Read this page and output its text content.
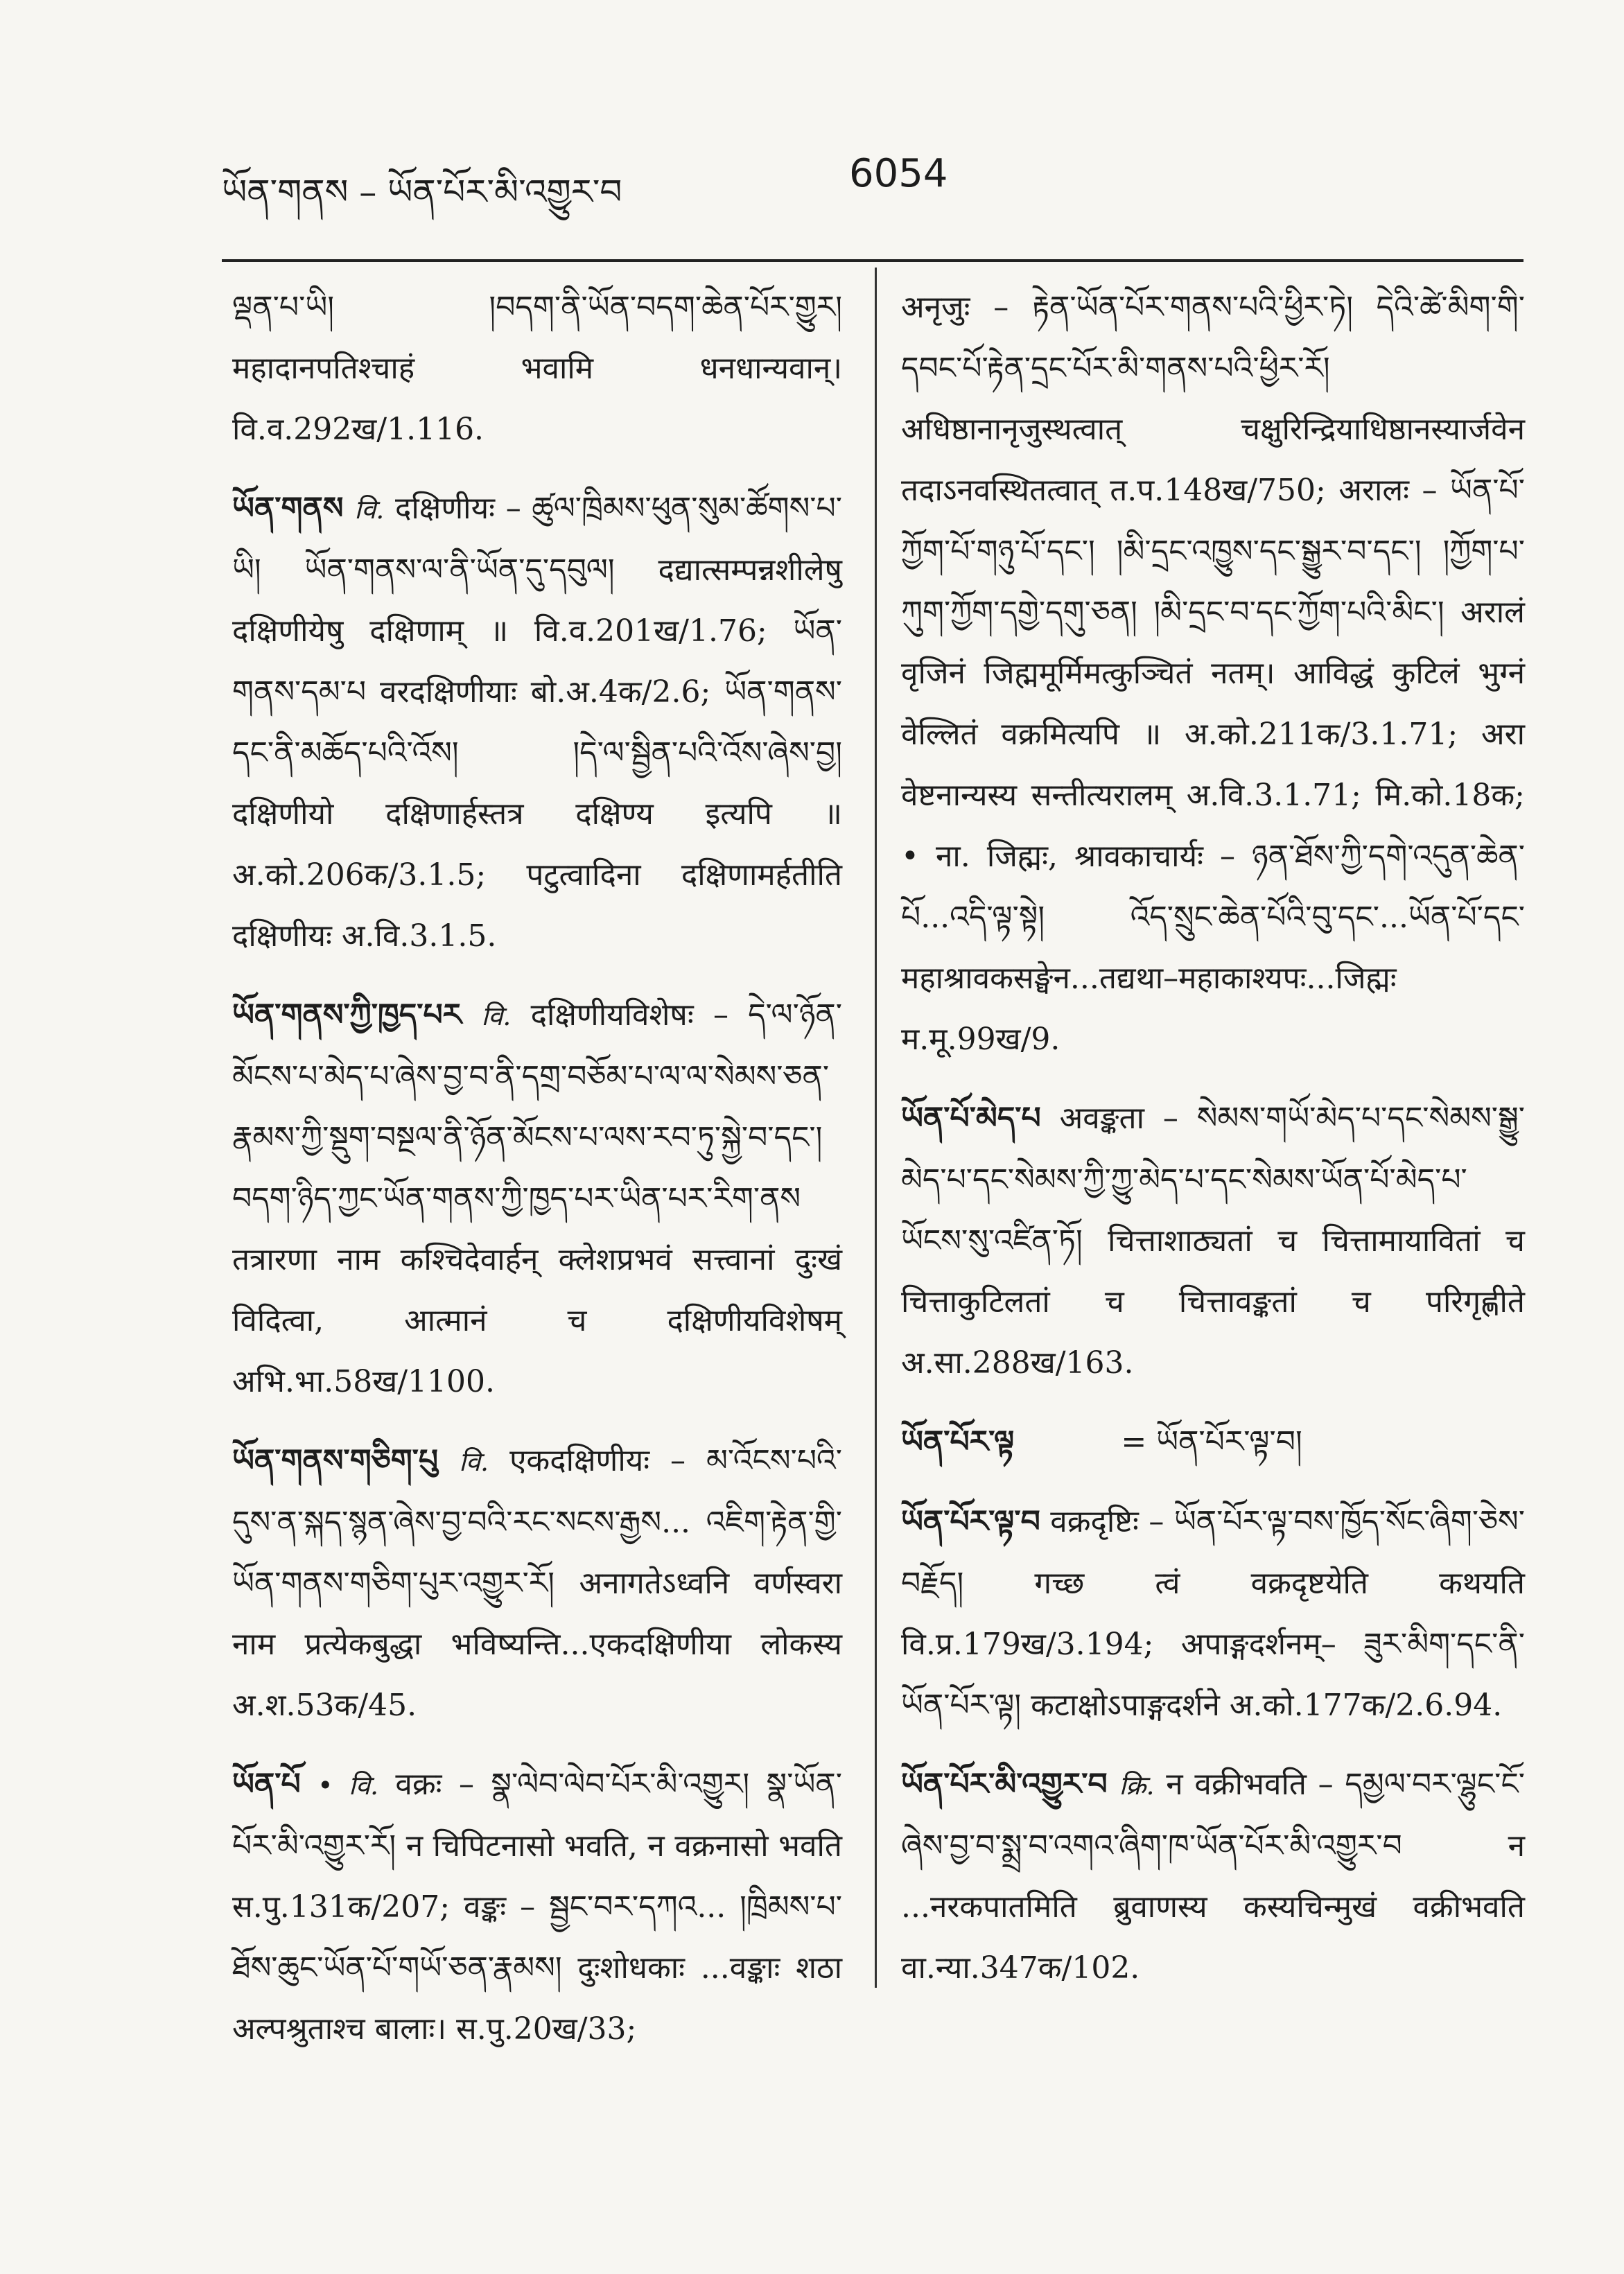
ཡོན་གནས – ཡོན་པོར་མི་འགྱུར་བ	6054

ལྡན་པ་ཡི། །བདག་ནི་ཡོན་བདག་ཆེན་པོར་གྱུར། महादानपतिश्चाहं भवामि धनधान्यवान्। वि.व.292ख/1.116.

ཡོན་གནས वि. दक्षिणीयः – ཚུལ་ཁྲིམས་ཕུན་སུམ་ཚོགས་པ་ཡི། ཡོན་གནས་ལ་ནི་ཡོན་དུ་དབུལ། दद्यात्सम्पन्नशीलेषु दक्षिणीयेषु दक्षिणाम् ॥ वि.व.201ख/1.76; ཡོན་གནས་དམ་པ वरदक्षिणीयाः बो.अ.4क/2.6; ཡོན་གནས་དང་ནི་མཆོད་པའི་འོས། །དེ་ལ་སྦྱིན་པའི་འོས་ཞེས་བྱ། दक्षिणीयो दक्षिणार्हस्तत्र दक्षिण्य इत्यपि ॥ अ.को.206क/3.1.5; पटुत्वादिना दक्षिणामर्हतीति दक्षिणीयः अ.वि.3.1.5.

ཡོན་གནས་ཀྱི་ཁྱད་པར वि. दक्षिणीयविशेषः – དེ་ལ་ཉོན་མོངས་པ་མེད་པ་ཞེས་བྱ་བ་ནི་དགྲ་བཅོམ་པ་ལ་ལ་སེམས་ཅན་རྣམས་ཀྱི་སྡུག་བསྔལ་ནི་ཉོན་མོངས་པ་ལས་རབ་ཏུ་སྐྱེ་བ་དང་། བདག་ཉིད་ཀྱང་ཡོན་གནས་ཀྱི་ཁྱད་པར་ཡིན་པར་རིག་ནས तत्रारणा नाम कश्चिदेवार्हन् क्लेशप्रभवं सत्त्वानां दुःखं विदित्वा, आत्मानं च दक्षिणीयविशेषम् अभि.भा.58ख/1100.

ཡོན་གནས་གཅིག་པུ वि. एकदक्षिणीयः – མ་འོངས་པའི་དུས་ན་སྐད་སྙན་ཞེས་བྱ་བའི་རང་སངས་རྒྱས... འཇིག་རྟེན་གྱི་ཡོན་གནས་གཅིག་པུར་འགྱུར་རོ། अनागतेऽध्वनि वर्णस्वरा नाम प्रत्येकबुद्धा भविष्यन्ति...एकदक्षिणीया लोकस्य अ.श.53क/45.

ཡོན་པོ • वि. वक्रः – སྣ་ལེབ་ལེབ་པོར་མི་འགྱུར། སྣ་ཡོན་པོར་མི་འགྱུར་རོ། न चिपिटनासो भवति, न वक्रनासो भवति स.पु.131क/207; वङ्कः – སྦྱང་བར་དཀའ... །ཁྲིམས་པ་ཐོས་ཆུང་ཡོན་པོ་གཡོ་ཅན་རྣམས། दुःशोधकाः ...वङ्काः शठा अल्पश्रुताश्च बालाः। स.पु.20ख/33;

अनृजुः – རྟེན་ཡོན་པོར་གནས་པའི་ཕྱིར་ཏེ། དེའི་ཚེ་མིག་གི་དབང་པོ་རྟེན་དྲང་པོར་མི་གནས་པའི་ཕྱིར་རོ། अधिष्ठानानृजुस्थत्वात् चक्षुरिन्द्रियाधिष्ठानस्यार्जवेन तदाऽनवस्थितत्वात् त.प.148ख/750; अरालः – ཡོན་པོ་ཀྱོག་པོ་གཉུ་པོ་དང་། །མི་དྲང་འཁྱུས་དང་སྒྱུར་བ་དང་། །ཀྱོག་པ་ཀུག་ཀྱོག་དགྱེ་དགུ་ཅན། །མི་དྲང་བ་དང་ཀྱོག་པའི་མིང་། अरालं वृजिनं जिह्ममूर्मिमत्कुञ्चितं नतम्। आविद्धं कुटिलं भुग्नं वेल्लितं वक्रमित्यपि ॥ अ.को.211क/3.1.71; अरा वेष्टनान्यस्य सन्तीत्यरालम् अ.वि.3.1.71; मि.को.18क; • ना. जिह्मः, श्रावकाचार्यः – ཉན་ཐོས་ཀྱི་དགེ་འདུན་ཆེན་པོ...འདི་ལྟ་སྟེ། འོད་སྲུང་ཆེན་པོའི་བུ་དང་...ཡོན་པོ་དང་ महाश्रावकसङ्घेन...तद्यथा–महाकाश्यपः...जिह्मः म.मू.99ख/9.

ཡོན་པོ་མེད་པ अवङ्कता – སེམས་གཡོ་མེད་པ་དང་སེམས་སྒྱུ་མེད་པ་དང་སེམས་ཀྱི་ཀྱུ་མེད་པ་དང་སེམས་ཡོན་པོ་མེད་པ་ཡོངས་སུ་འཛིན་ཏོ། चित्ताशाठ्यतां च चित्तामायावितां च चित्ताकुटिलतां च चित्तावङ्कतां च परिगृह्णीते अ.सा.288ख/163.

ཡོན་པོར་ལྟ	= ཡོན་པོར་ལྟ་བ།

ཡོན་པོར་ལྟ་བ वक्रदृष्टिः – ཡོན་པོར་ལྟ་བས་ཁྱོད་སོང་ཞིག་ཅེས་བརྗོད། गच्छ त्वं वक्रदृष्टयेति कथयति वि.प्र.179ख/3.194; अपाङ्गदर्शनम्– ཟུར་མིག་དང་ནི་ཡོན་པོར་ལྟ། कटाक्षोऽपाङ्गदर्शने अ.को.177क/2.6.94.

ཡོན་པོར་མི་འགྱུར་བ क्रि. न वक्रीभवति – དམྱལ་བར་ལྷུང་ངོ་ཞེས་བྱ་བ་སྨྲ་བ་འགའ་ཞིག་ཁ་ཡོན་པོར་མི་འགྱུར་བ न ...नरकपातमिति ब्रुवाणस्य कस्यचिन्मुखं वक्रीभवति वा.न्या.347क/102.
